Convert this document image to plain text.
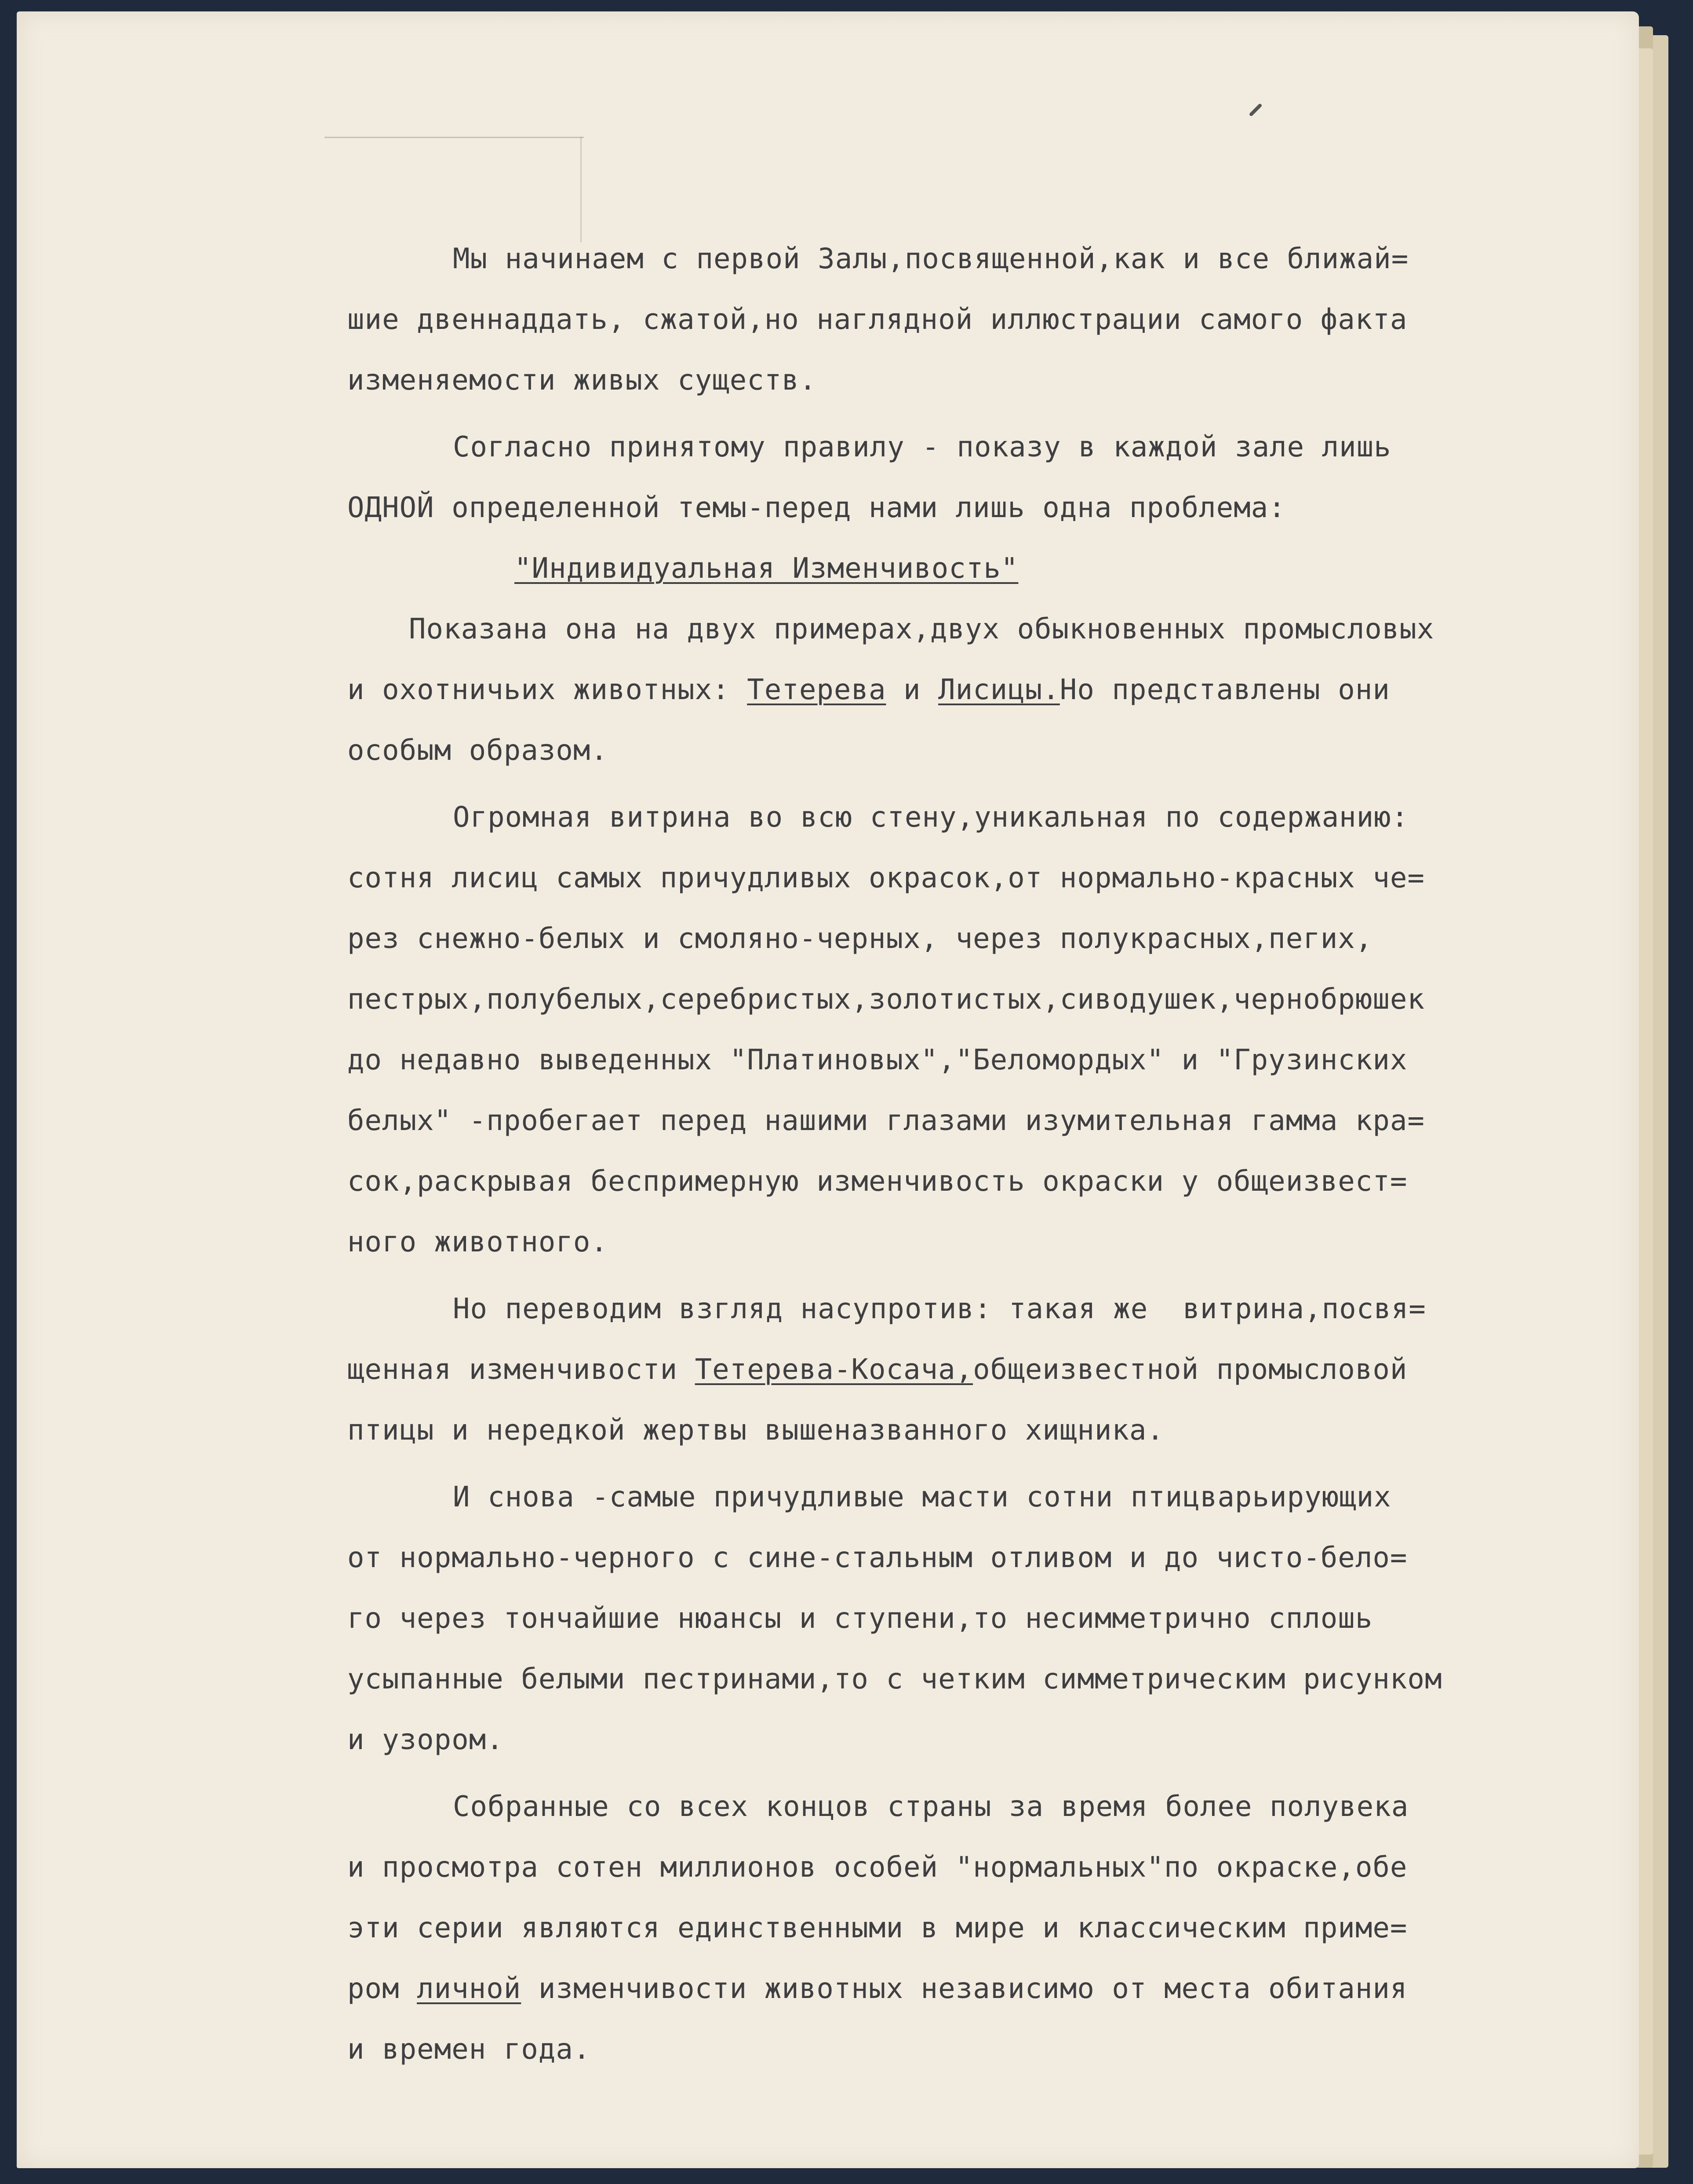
Мы начинаем с первой Залы,посвященной,как и все ближай=
шие двеннаддать, сжатой,но наглядной иллюстрации самого факта
изменяемости живых существ.
Согласно принятому правилу - показу в каждой зале лишь
ОДНОЙ определенной темы-перед нами лишь одна проблема:
"Индивидуальная Изменчивость"
Показана она на двух примерах,двух обыкновенных промысловых
и охотничьих животных: Тетерева и Лисицы.Но представлены они
особым образом.
Огромная витрина во всю стену,уникальная по содержанию:
сотня лисиц самых причудливых окрасок,от нормально-красных че=
рез снежно-белых и смоляно-черных, через полукрасных,пегих,
пестрых,полубелых,серебристых,золотистых,сиводушек,чернобрюшек
до недавно выведенных "Платиновых","Беломордых" и "Грузинских
белых" -пробегает перед нашими глазами изумительная гамма кра=
сок,раскрывая беспримерную изменчивость окраски у общеизвест=
ного животного.
Но переводим взгляд насупротив: такая же  витрина,посвя=
щенная изменчивости Тетерева-Косача,общеизвестной промысловой
птицы и нередкой жертвы вышеназванного хищника.
И снова -самые причудливые масти сотни птицварьирующих
от нормально-черного с сине-стальным отливом и до чисто-бело=
го через тончайшие нюансы и ступени,то несимметрично сплошь
усыпанные белыми пестринами,то с четким симметрическим рисунком
и узором.
Собранные со всех концов страны за время более полувека
и просмотра сотен миллионов особей "нормальных"по окраске,обе
эти серии являются единственными в мире и классическим приме=
ром личной изменчивости животных независимо от места обитания
и времен года.
